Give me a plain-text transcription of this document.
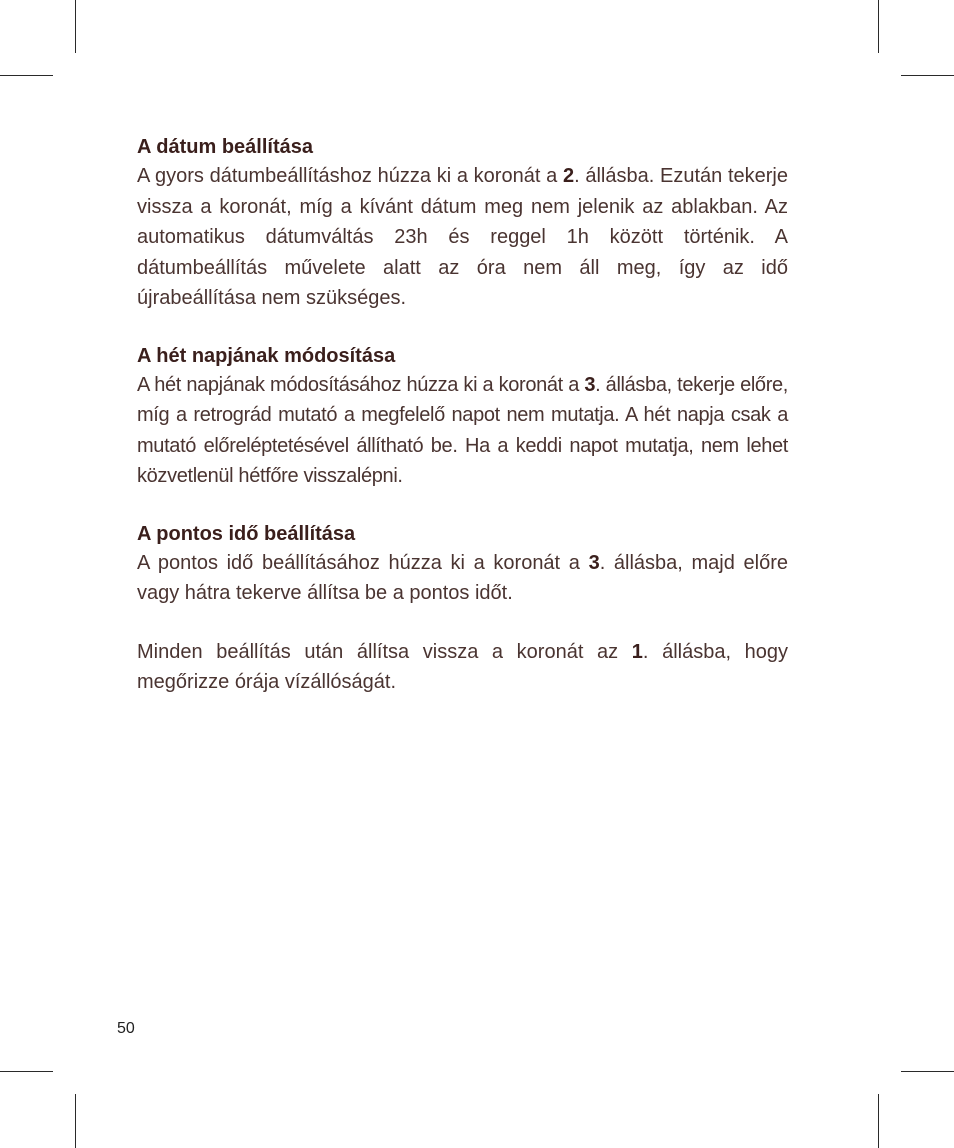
A dátum beállítása

A gyors dátumbeállításhoz húzza ki a koronát a 2. állásba. Ezután tekerje vissza a koronát, míg a kívánt dátum meg nem jelenik az ablakban. Az automatikus dátumváltás 23h és reggel 1h között történik. A dátumbeállítás művelete alatt az óra nem áll meg, így az idő újrabeállítása nem szükséges.

A hét napjának módosítása

A hét napjának módosításához húzza ki a koronát a 3. állásba, tekerje előre, míg a retrográd mutató a megfelelő napot nem mutatja. A hét napja csak a mutató előreléptetésével állítható be. Ha a keddi napot mutatja, nem lehet közvetlenül hétfőre visszalépni.

A pontos idő beállítása

A pontos idő beállításához húzza ki a koronát a 3. állásba, majd előre vagy hátra tekerve állítsa be a pontos időt.

Minden beállítás után állítsa vissza a koronát az 1. állásba, hogy megőrizze órája vízállóságát.

50
